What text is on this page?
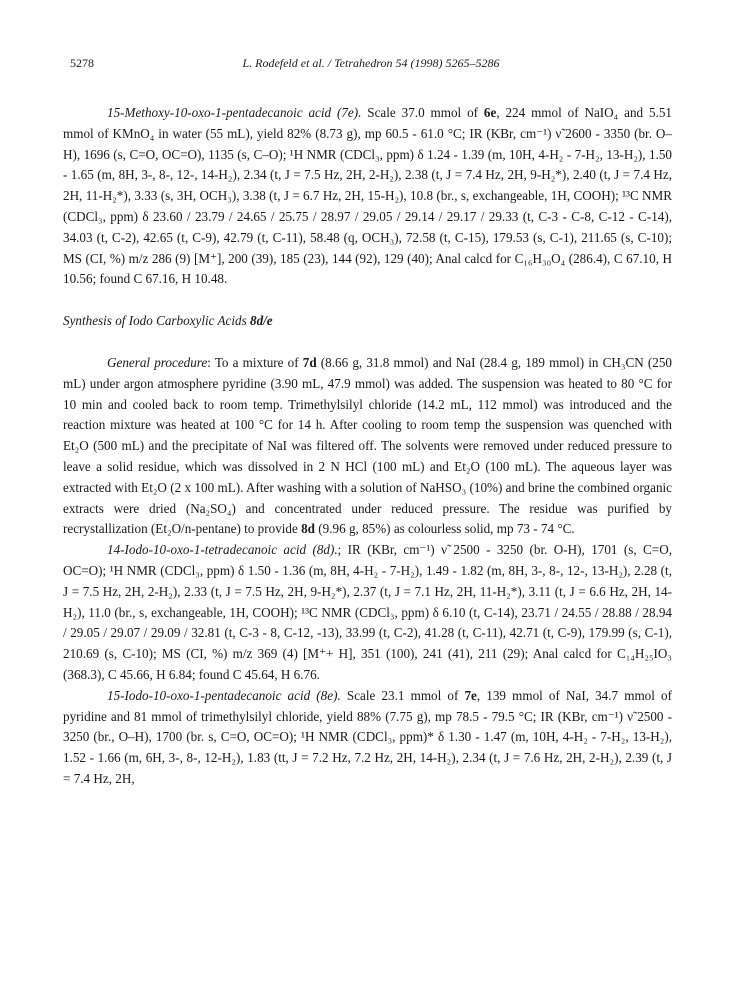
5278	L. Rodefeld et al. / Tetrahedron 54 (1998) 5265–5286

15-Methoxy-10-oxo-1-pentadecanoic acid (7e). Scale 37.0 mmol of 6e, 224 mmol of NaIO₄ and 5.51 mmol of KMnO₄ in water (55 mL), yield 82% (8.73 g), mp 60.5 - 61.0 °C; IR (KBr, cm⁻¹) ν̃ 2600 - 3350 (br. O–H), 1696 (s, C=O, OC=O), 1135 (s, C–O); ¹H NMR (CDCl₃, ppm) δ 1.24 - 1.39 (m, 10H, 4-H₂ - 7-H₂, 13-H₂), 1.50 - 1.65 (m, 8H, 3-, 8-, 12-, 14-H₂), 2.34 (t, J = 7.5 Hz, 2H, 2-H₂), 2.38 (t, J = 7.4 Hz, 2H, 9-H₂*), 2.40 (t, J = 7.4 Hz, 2H, 11-H₂*), 3.33 (s, 3H, OCH₃), 3.38 (t, J = 6.7 Hz, 2H, 15-H₂), 10.8 (br., s, exchangeable, 1H, COOH); ¹³C NMR (CDCl₃, ppm) δ 23.60 / 23.79 / 24.65 / 25.75 / 28.97 / 29.05 / 29.14 / 29.17 / 29.33 (t, C-3 - C-8, C-12 - C-14), 34.03 (t, C-2), 42.65 (t, C-9), 42.79 (t, C-11), 58.48 (q, OCH₃), 72.58 (t, C-15), 179.53 (s, C-1), 211.65 (s, C-10); MS (CI, %) m/z 286 (9) [M⁺], 200 (39), 185 (23), 144 (92), 129 (40); Anal calcd for C₁₆H₃₀O₄ (286.4), C 67.10, H 10.56; found C 67.16, H 10.48.

Synthesis of Iodo Carboxylic Acids 8d/e

General procedure: To a mixture of 7d (8.66 g, 31.8 mmol) and NaI (28.4 g, 189 mmol) in CH₃CN (250 mL) under argon atmosphere pyridine (3.90 mL, 47.9 mmol) was added. The suspension was heated to 80 °C for 10 min and cooled back to room temp. Trimethylsilyl chloride (14.2 mL, 112 mmol) was introduced and the reaction mixture was heated at 100 °C for 14 h. After cooling to room temp the suspension was quenched with Et₂O (500 mL) and the precipitate of NaI was filtered off. The solvents were removed under reduced pressure to leave a solid residue, which was dissolved in 2 N HCl (100 mL) and Et₂O (100 mL). The aqueous layer was extracted with Et₂O (2 x 100 mL). After washing with a solution of NaHSO₃ (10%) and brine the combined organic extracts were dried (Na₂SO₄) and concentrated under reduced pressure. The residue was purified by recrystallization (Et₂O/n-pentane) to provide 8d (9.96 g, 85%) as colourless solid, mp 73 - 74 °C.

14-Iodo-10-oxo-1-tetradecanoic acid (8d).; IR (KBr, cm⁻¹) ν̃ 2500 - 3250 (br. O-H), 1701 (s, C=O, OC=O); ¹H NMR (CDCl₃, ppm) δ 1.50 - 1.36 (m, 8H, 4-H₂ - 7-H₂), 1.49 - 1.82 (m, 8H, 3-, 8-, 12-, 13-H₂), 2.28 (t, J = 7.5 Hz, 2H, 2-H₂), 2.33 (t, J = 7.5 Hz, 2H, 9-H₂*), 2.37 (t, J = 7.1 Hz, 2H, 11-H₂*), 3.11 (t, J = 6.6 Hz, 2H, 14-H₂), 11.0 (br., s, exchangeable, 1H, COOH); ¹³C NMR (CDCl₃, ppm) δ 6.10 (t, C-14), 23.71 / 24.55 / 28.88 / 28.94 / 29.05 / 29.07 / 29.09 / 32.81 (t, C-3 - 8, C-12, -13), 33.99 (t, C-2), 41.28 (t, C-11), 42.71 (t, C-9), 179.99 (s, C-1), 210.69 (s, C-10); MS (CI, %) m/z 369 (4) [M⁺+ H], 351 (100), 241 (41), 211 (29); Anal calcd for C₁₄H₂₅IO₃ (368.3), C 45.66, H 6.84; found C 45.64, H 6.76.

15-Iodo-10-oxo-1-pentadecanoic acid (8e). Scale 23.1 mmol of 7e, 139 mmol of NaI, 34.7 mmol of pyridine and 81 mmol of trimethylsilyl chloride, yield 88% (7.75 g), mp 78.5 - 79.5 °C; IR (KBr, cm⁻¹) ν̃ 2500 - 3250 (br., O–H), 1700 (br. s, C=O, OC=O); ¹H NMR (CDCl₃, ppm)* δ 1.30 - 1.47 (m, 10H, 4-H₂ - 7-H₂, 13-H₂), 1.52 - 1.66 (m, 6H, 3-, 8-, 12-H₂), 1.83 (tt, J = 7.2 Hz, 7.2 Hz, 2H, 14-H₂), 2.34 (t, J = 7.6 Hz, 2H, 2-H₂), 2.39 (t, J = 7.4 Hz, 2H,
